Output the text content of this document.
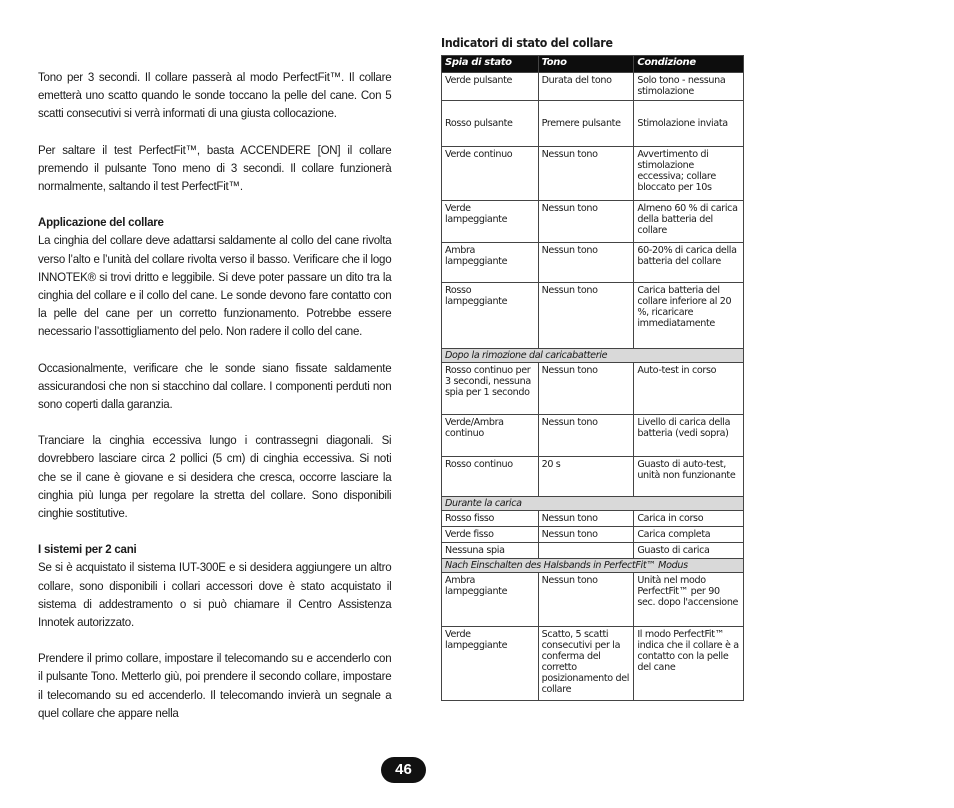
Tono per 3 secondi. Il collare passerà al modo PerfectFit™. Il collare emetterà uno scatto quando le sonde toccano la pelle del cane. Con 5 scatti consecutivi si verrà informati di una giusta collocazione.

Per saltare il test PerfectFit™, basta ACCENDERE [ON] il collare premendo il pulsante Tono meno di 3 secondi. Il collare funzionerà normalmente, saltando il test PerfectFit™.

Applicazione del collare

La cinghia del collare deve adattarsi saldamente al collo del cane rivolta verso l’alto e l’unità del collare rivolta verso il basso. Verificare che il logo INNOTEK® si trovi dritto e leggibile. Si deve poter passare un dito tra la cinghia del collare e il collo del cane. Le sonde devono fare contatto con la pelle del cane per un corretto funzionamento. Potrebbe essere necessario l’assottigliamento del pelo. Non radere il collo del cane.

Occasionalmente, verificare che le sonde siano fissate saldamente assicurandosi che non si stacchino dal collare. I componenti perduti non sono coperti dalla garanzia.

Tranciare la cinghia eccessiva lungo i contrassegni diagonali. Si dovrebbero lasciare circa 2 pollici (5 cm) di cinghia eccessiva. Si noti che se il cane è giovane e si desidera che cresca, occorre lasciare la cinghia più lunga per regolare la stretta del collare. Sono disponibili cinghie sostitutive.

I sistemi per 2 cani

Se si è acquistato il sistema IUT-300E e si desidera aggiungere un altro collare, sono disponibili i collari accessori dove è stato acquistato il sistema di addestramento o si può chiamare il Centro Assistenza Innotek autorizzato.

Prendere il primo collare, impostare il telecomando su e accenderlo con il pulsante Tono. Metterlo giù, poi prendere il secondo collare, impostare il telecomando su ed accenderlo. Il telecomando invierà un segnale a quel collare che appare nella

46
Indicatori di stato del collare
Spia di stato	Tono	Condizione
Verde pulsante	Durata del tono	Solo tono - nessuna stimolazione
Rosso pulsante	Premere pulsante	Stimolazione inviata
Verde continuo	Nessun tono	Avvertimento di stimolazione eccessiva; collare bloccato per 10s
Verde lampeggiante	Nessun tono	Almeno 60 % di carica della batteria del collare
Ambra lampeggiante	Nessun tono	60-20% di carica della batteria del collare
Rosso lampeggiante	Nessun tono	Carica batteria del collare inferiore al 20 %, ricaricare immediatamente
Dopo la rimozione dal caricabatterie		
Rosso continuo per 3 secondi, nessuna spia per 1 secondo	Nessun tono	Auto-test in corso
Verde/Ambra continuo	Nessun tono	Livello di carica della batteria (vedi sopra)
Rosso continuo	20 s	Guasto di auto-test, unità non funzionante
Durante la carica		
Rosso fisso	Nessun tono	Carica in corso
Verde fisso	Nessun tono	Carica completa
Nessuna spia		Guasto di carica
Nach Einschalten des Halsbands in PerfectFit™ Modus		
Ambra lampeggiante	Nessun tono	Unità nel modo PerfectFit™ per 90 sec. dopo l'accensione
Verde lampeggiante	Scatto, 5 scatti consecutivi per la conferma del corretto posizionamento del collare	Il modo PerfectFit™ indica che il collare è a contatto con la pelle del cane
